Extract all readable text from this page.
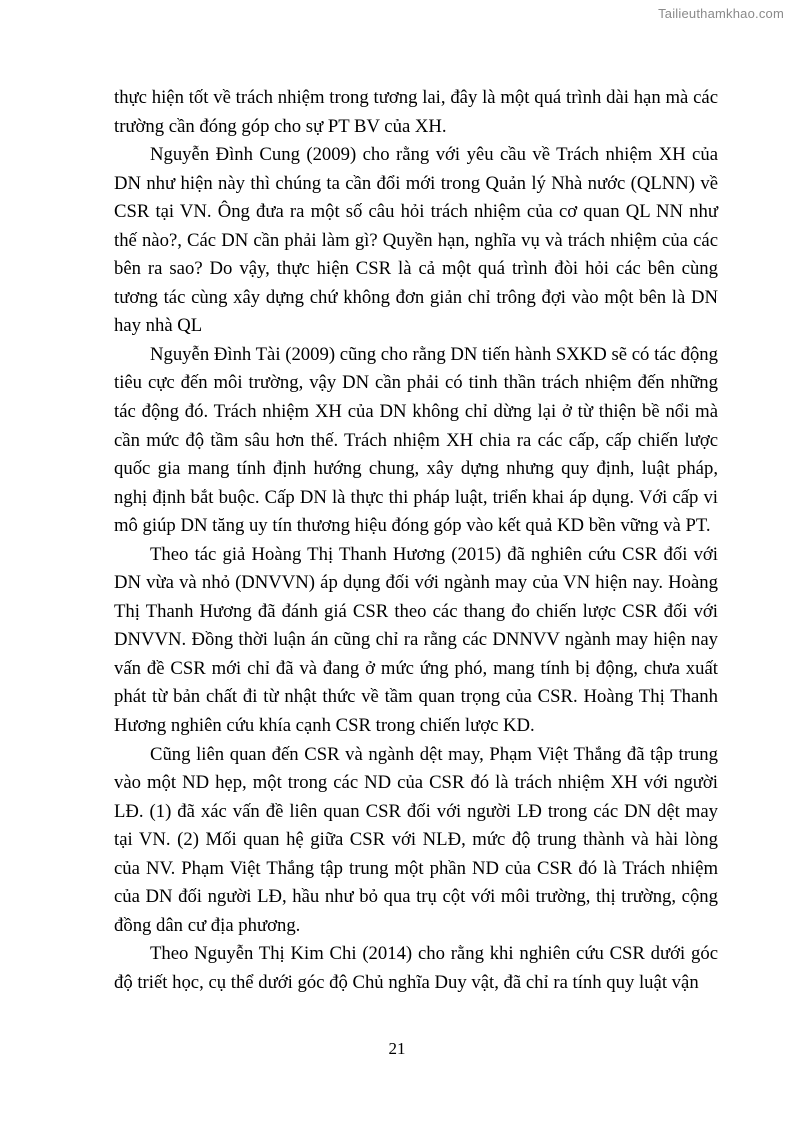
Tailieuthamkhao.com

thực hiện tốt về trách nhiệm trong tương lai, đây là một quá trình dài hạn mà các trường cần đóng góp cho sự PT BV của XH.

Nguyễn Đình Cung (2009) cho rằng với yêu cầu về Trách nhiệm XH của DN như hiện này thì chúng ta cần đổi mới trong Quản lý Nhà nước (QLNN) về CSR tại VN. Ông đưa ra một số câu hỏi trách nhiệm của cơ quan QL NN như thế nào?, Các DN cần phải làm gì? Quyền hạn, nghĩa vụ và trách nhiệm của các bên ra sao? Do vậy, thực hiện CSR là cả một quá trình đòi hỏi các bên cùng tương tác cùng xây dựng chứ không đơn giản chỉ trông đợi vào một bên là DN hay nhà QL

Nguyễn Đình Tài (2009) cũng cho rằng DN tiến hành SXKD sẽ có tác động tiêu cực đến môi trường, vậy DN cần phải có tinh thần trách nhiệm đến những tác động đó. Trách nhiệm XH của DN không chỉ dừng lại ở từ thiện bề nổi mà cần mức độ tầm sâu hơn thế. Trách nhiệm XH chia ra các cấp, cấp chiến lược quốc gia mang tính định hướng chung, xây dựng nhưng quy định, luật pháp, nghị định bắt buộc. Cấp DN là thực thi pháp luật, triển khai áp dụng. Với cấp vi mô giúp DN tăng uy tín thương hiệu đóng góp vào kết quả KD bền vững và PT.

Theo tác giả Hoàng Thị Thanh Hương (2015) đã nghiên cứu CSR đối với DN vừa và nhỏ (DNVVN) áp dụng đối với ngành may của VN hiện nay. Hoàng Thị Thanh Hương đã đánh giá CSR theo các thang đo chiến lược CSR đối với DNVVN. Đồng thời luận án cũng chỉ ra rằng các DNNVV ngành may hiện nay vấn đề CSR mới chỉ đã và đang ở mức ứng phó, mang tính bị động, chưa xuất phát từ bản chất đi từ nhật thức về tầm quan trọng của CSR. Hoàng Thị Thanh Hương nghiên cứu khía cạnh CSR trong chiến lược KD.

Cũng liên quan đến CSR và ngành dệt may, Phạm Việt Thắng đã tập trung vào một ND hẹp, một trong các ND của CSR đó là trách nhiệm XH với người LĐ. (1) đã xác vấn đề liên quan CSR đối với người LĐ trong các DN dệt may tại VN. (2) Mối quan hệ giữa CSR với NLĐ, mức độ trung thành và hài lòng của NV. Phạm Việt Thắng tập trung một phần ND của CSR đó là Trách nhiệm của DN đối người LĐ, hầu như bỏ qua trụ cột với môi trường, thị trường, cộng đồng dân cư địa phương.

Theo Nguyễn Thị Kim Chi (2014) cho rằng khi nghiên cứu CSR dưới góc độ triết học, cụ thể dưới góc độ Chủ nghĩa Duy vật, đã chỉ ra tính quy luật vận

21
